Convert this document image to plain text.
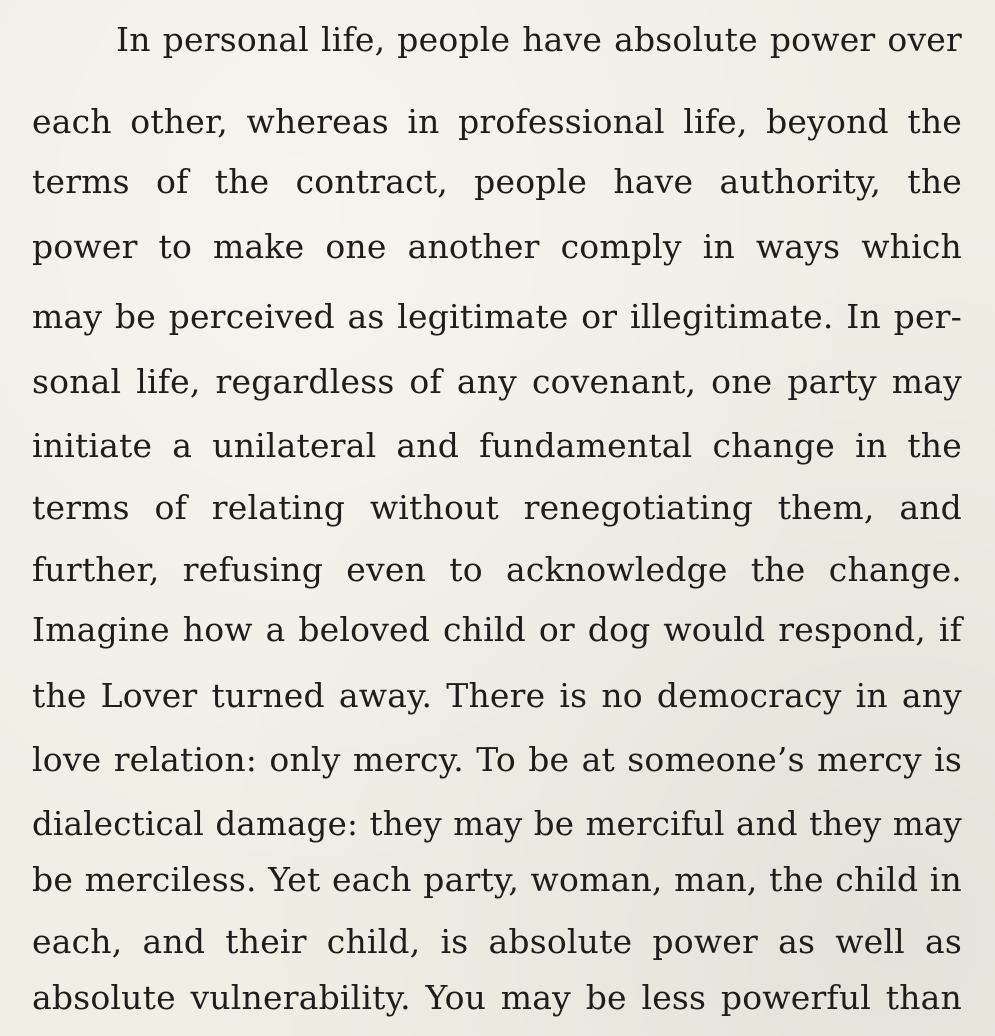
In personal life, people have absolute power over
each other, whereas in professional life, beyond the
terms of the contract, people have authority, the
power to make one another comply in ways which
may be perceived as legitimate or illegitimate. In per-
sonal life, regardless of any covenant, one party may
initiate a unilateral and fundamental change in the
terms of relating without renegotiating them, and
further, refusing even to acknowledge the change.
Imagine how a beloved child or dog would respond, if
the Lover turned away. There is no democracy in any
love relation: only mercy. To be at someone’s mercy is
dialectical damage: they may be merciful and they may
be merciless. Yet each party, woman, man, the child in
each, and their child, is absolute power as well as
absolute vulnerability. You may be less powerful than
